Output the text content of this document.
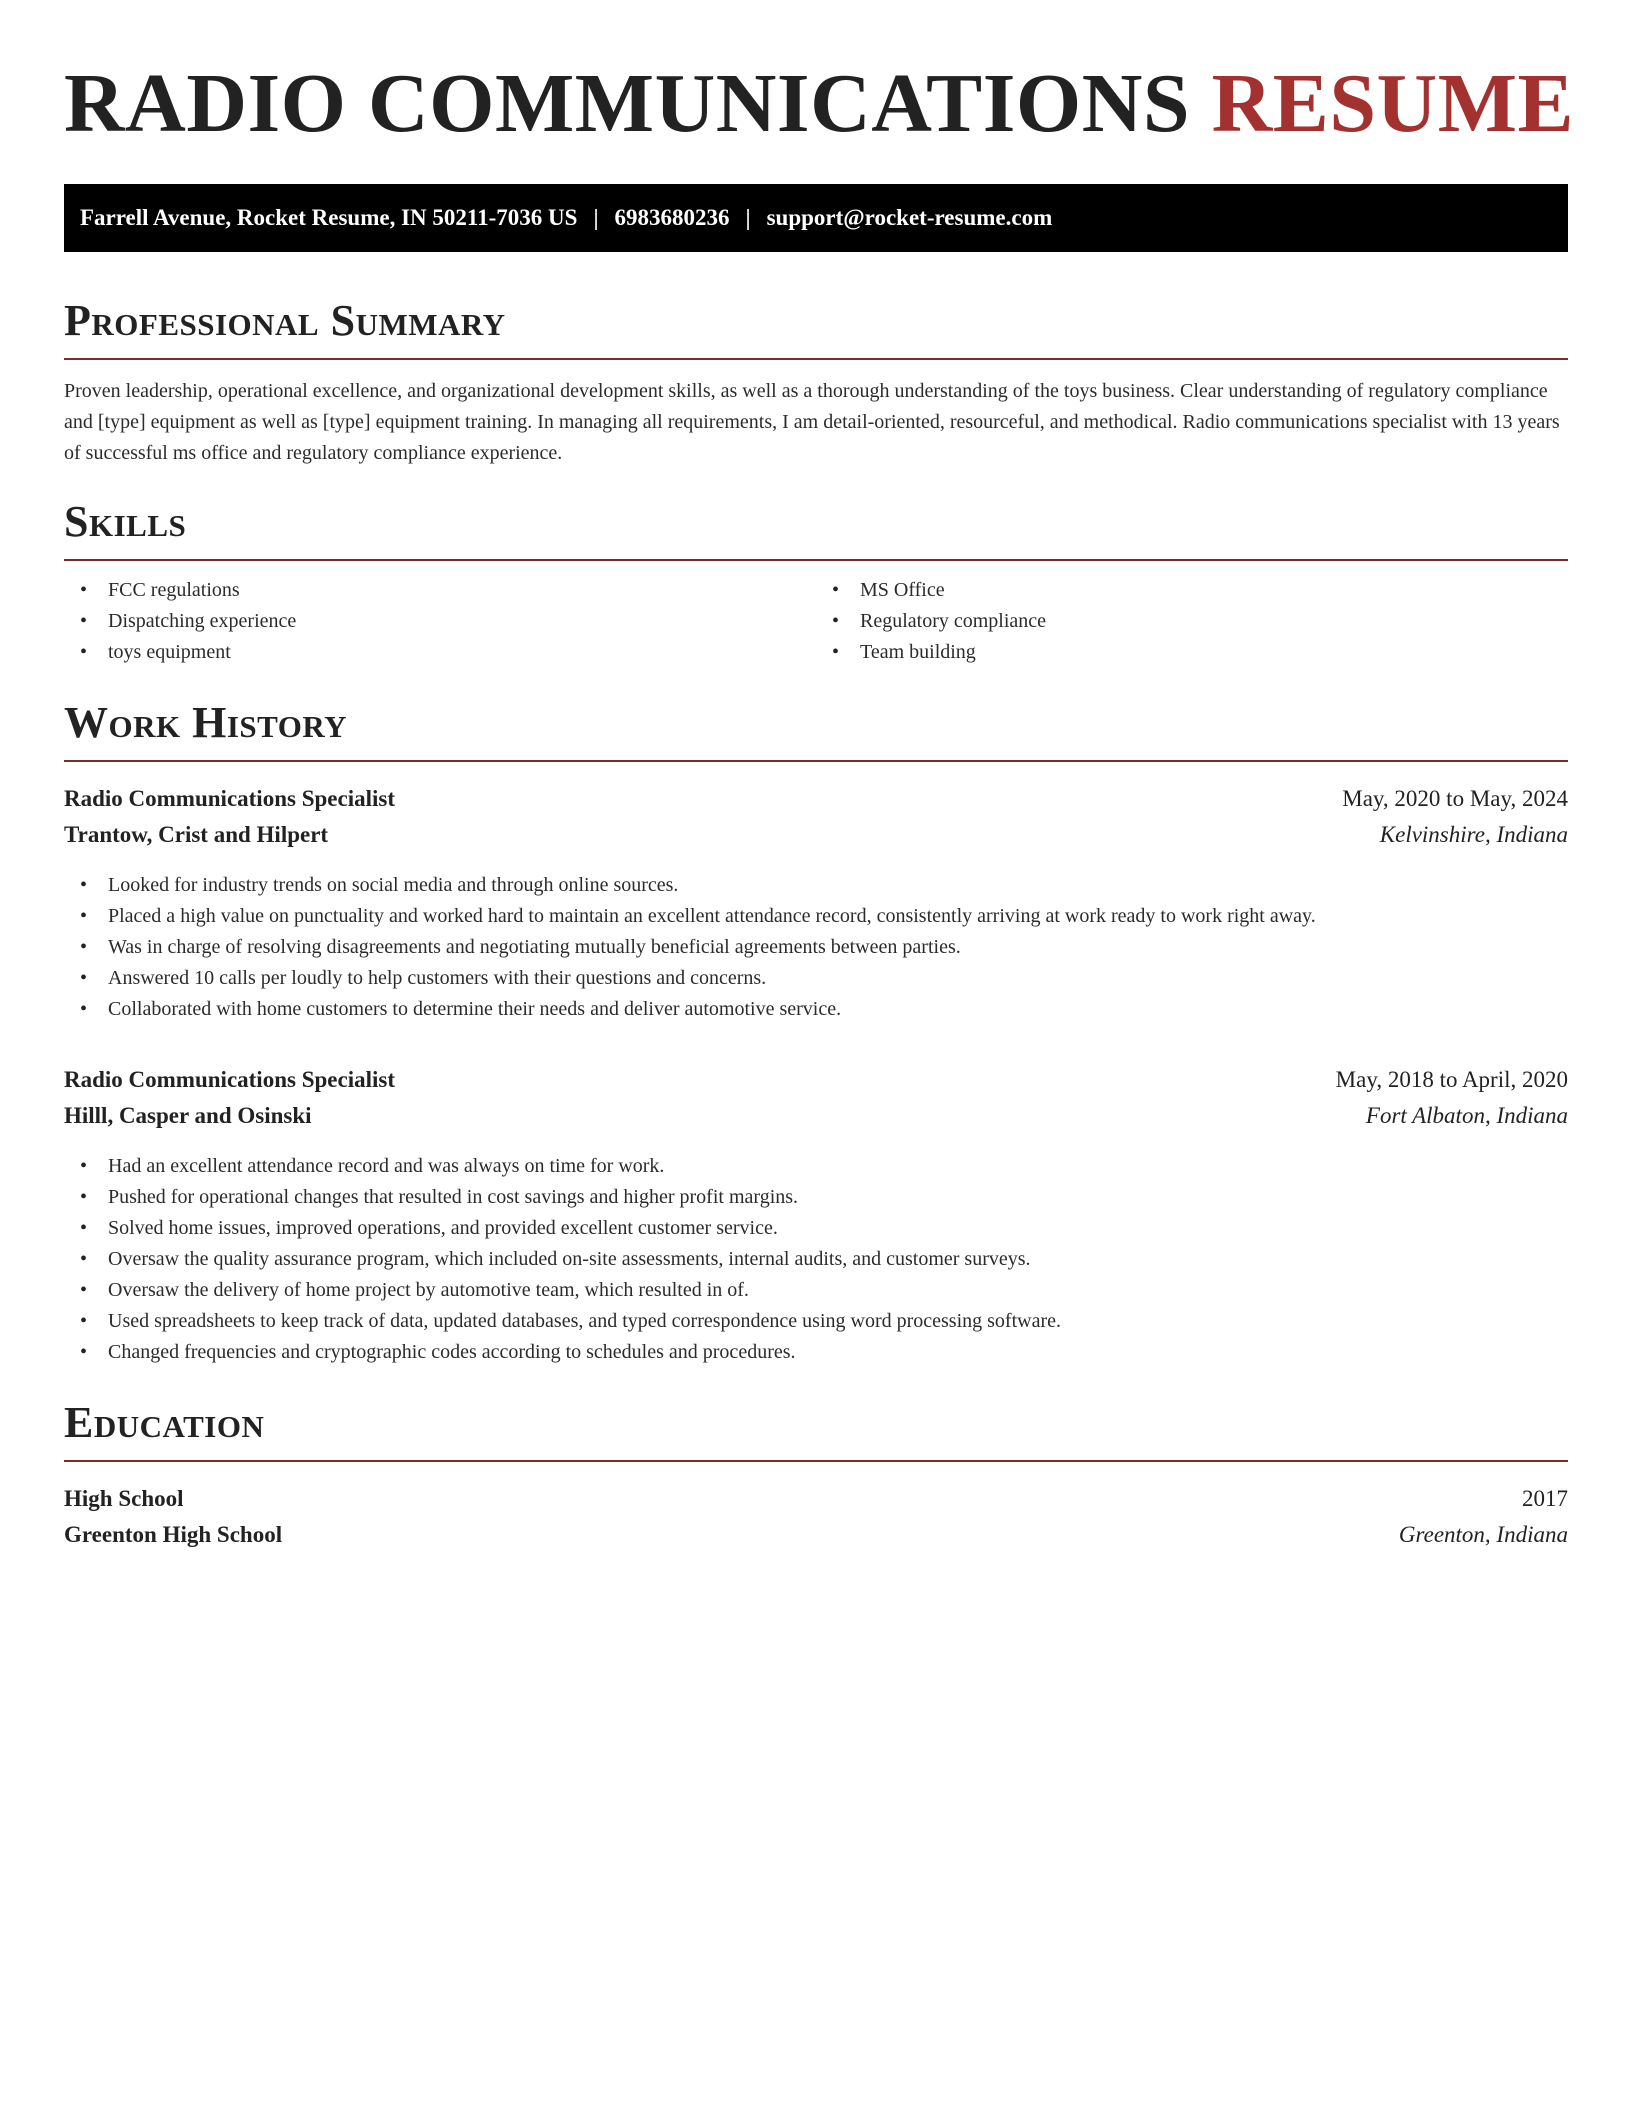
RADIO COMMUNICATIONS RESUME
Farrell Avenue, Rocket Resume, IN 50211-7036 US | 6983680236 | support@rocket-resume.com
Professional Summary

Proven leadership, operational excellence, and organizational development skills, as well as a thorough understanding of the toys business. Clear understanding of regulatory compliance and [type] equipment as well as [type] equipment training. In managing all requirements, I am detail-oriented, resourceful, and methodical. Radio communications specialist with 13 years of successful ms office and regulatory compliance experience.

Skills
• FCC regulations
• Dispatching experience
• toys equipment
• MS Office
• Regulatory compliance
• Team building
Work History
Radio Communications Specialist	May, 2020 to May, 2024
Trantow, Crist and Hilpert	Kelvinshire, Indiana
• Looked for industry trends on social media and through online sources.
• Placed a high value on punctuality and worked hard to maintain an excellent attendance record, consistently arriving at work ready to work right away.
• Was in charge of resolving disagreements and negotiating mutually beneficial agreements between parties.
• Answered 10 calls per loudly to help customers with their questions and concerns.
• Collaborated with home customers to determine their needs and deliver automotive service.
Radio Communications Specialist	May, 2018 to April, 2020
Hilll, Casper and Osinski	Fort Albaton, Indiana
• Had an excellent attendance record and was always on time for work.
• Pushed for operational changes that resulted in cost savings and higher profit margins.
• Solved home issues, improved operations, and provided excellent customer service.
• Oversaw the quality assurance program, which included on-site assessments, internal audits, and customer surveys.
• Oversaw the delivery of home project by automotive team, which resulted in of.
• Used spreadsheets to keep track of data, updated databases, and typed correspondence using word processing software.
• Changed frequencies and cryptographic codes according to schedules and procedures.
Education
High School	2017
Greenton High School	Greenton, Indiana
